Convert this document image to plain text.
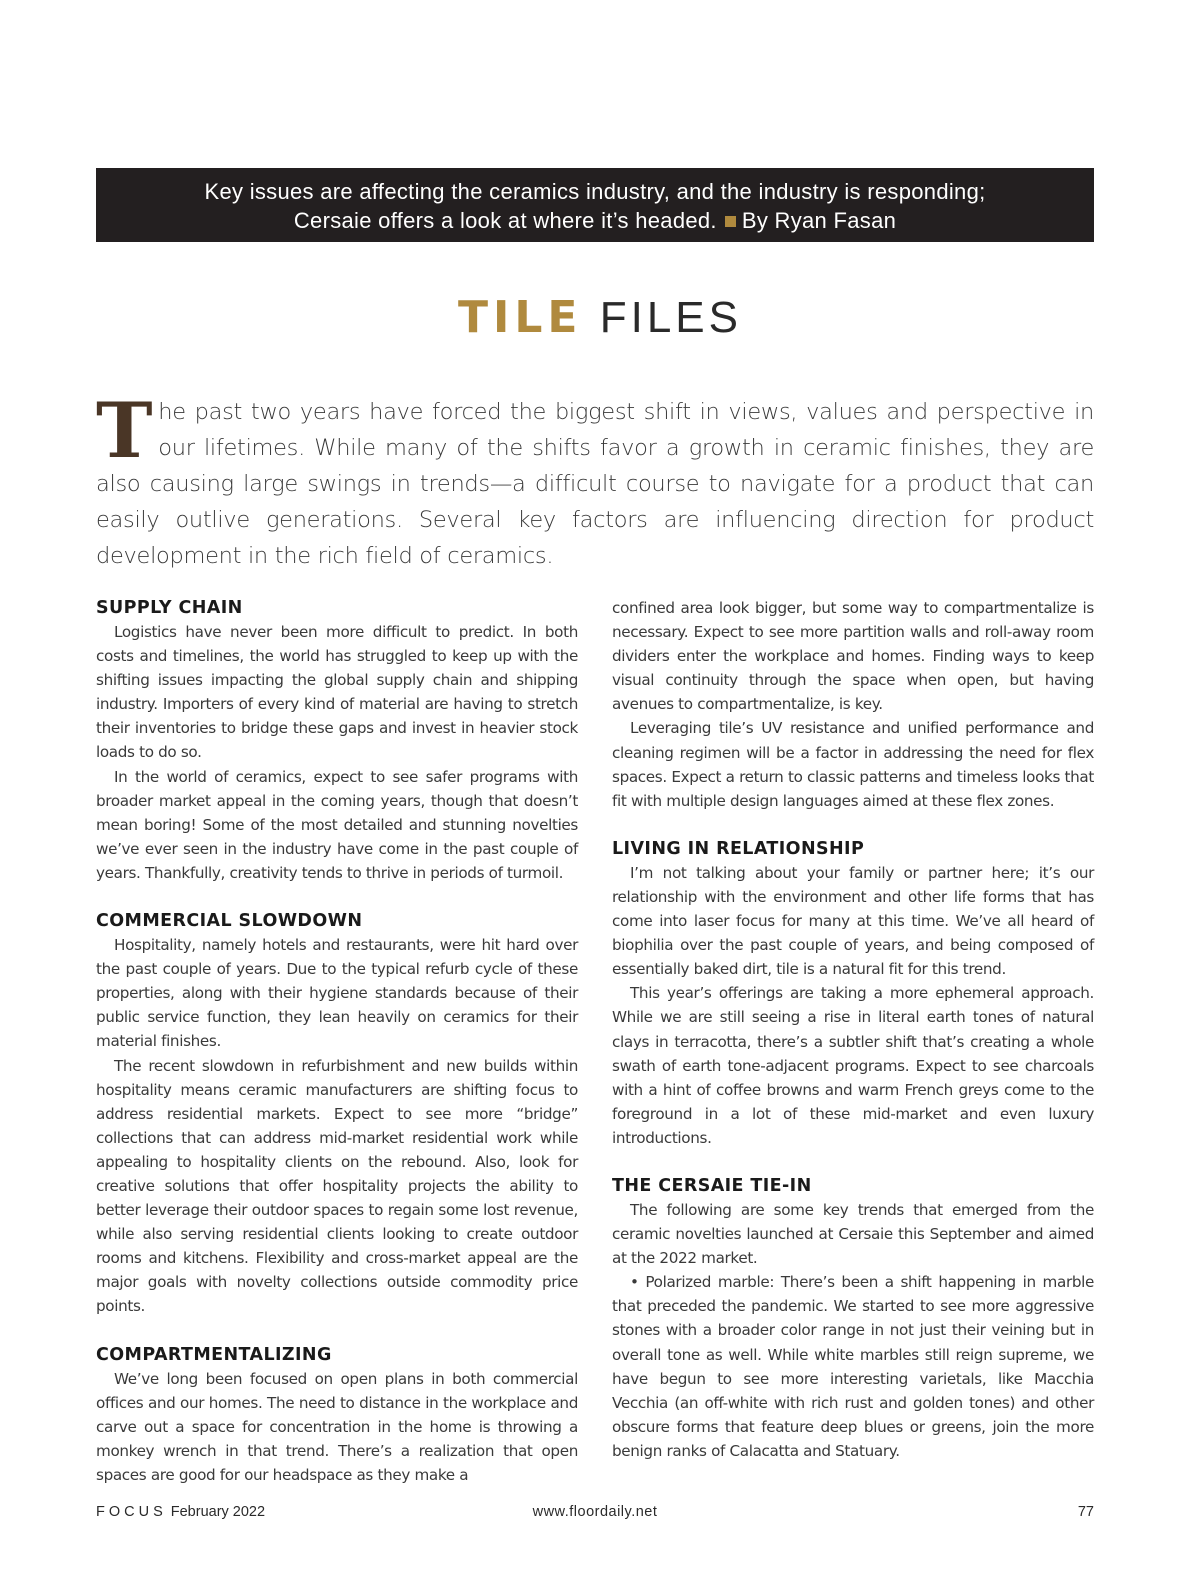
Key issues are affecting the ceramics industry, and the industry is responding;
Cersaie offers a look at where it’s headed. By Ryan Fasan
TILE FILES
The past two years have forced the biggest shift in views, values and perspective in our lifetimes. While many of the shifts favor a growth in ceramic finishes, they are also causing large swings in trends—a difficult course to navigate for a product that can easily outlive generations. Several key factors are influencing direction for product development in the rich field of ceramics.
SUPPLY CHAIN

Logistics have never been more difficult to predict. In both costs and timelines, the world has struggled to keep up with the shifting issues impacting the global supply chain and shipping industry. Importers of every kind of material are having to stretch their inventories to bridge these gaps and invest in heavier stock loads to do so.

In the world of ceramics, expect to see safer programs with broader market appeal in the coming years, though that doesn’t mean boring! Some of the most detailed and stunning novelties we’ve ever seen in the industry have come in the past couple of years. Thankfully, creativity tends to thrive in periods of turmoil.

COMMERCIAL SLOWDOWN

Hospitality, namely hotels and restaurants, were hit hard over the past couple of years. Due to the typical refurb cycle of these properties, along with their hygiene standards because of their public service function, they lean heavily on ceramics for their material finishes.

The recent slowdown in refurbishment and new builds within hospitality means ceramic manufacturers are shifting focus to address residential markets. Expect to see more “bridge” collections that can address mid-market residential work while appealing to hospitality clients on the rebound. Also, look for creative solutions that offer hospitality projects the ability to better leverage their outdoor spaces to regain some lost revenue, while also serving residential clients looking to create outdoor rooms and kitchens. Flexibility and cross-market appeal are the major goals with novelty collections outside commodity price points.

COMPARTMENTALIZING

We’ve long been focused on open plans in both commercial offices and our homes. The need to distance in the workplace and carve out a space for concentration in the home is throwing a monkey wrench in that trend. There’s a realization that open spaces are good for our headspace as they make a

confined area look bigger, but some way to compartmentalize is necessary. Expect to see more partition walls and roll-away room dividers enter the workplace and homes. Finding ways to keep visual continuity through the space when open, but having avenues to compartmentalize, is key.

Leveraging tile’s UV resistance and unified performance and cleaning regimen will be a factor in addressing the need for flex spaces. Expect a return to classic patterns and timeless looks that fit with multiple design languages aimed at these flex zones.

LIVING IN RELATIONSHIP

I’m not talking about your family or partner here; it’s our relationship with the environment and other life forms that has come into laser focus for many at this time. We’ve all heard of biophilia over the past couple of years, and being composed of essentially baked dirt, tile is a natural fit for this trend.

This year’s offerings are taking a more ephemeral approach. While we are still seeing a rise in literal earth tones of natural clays in terracotta, there’s a subtler shift that’s creating a whole swath of earth tone-adjacent programs. Expect to see charcoals with a hint of coffee browns and warm French greys come to the foreground in a lot of these mid-market and even luxury introductions.

THE CERSAIE TIE-IN

The following are some key trends that emerged from the ceramic novelties launched at Cersaie this September and aimed at the 2022 market.

• Polarized marble: There’s been a shift happening in marble that preceded the pandemic. We started to see more aggressive stones with a broader color range in not just their veining but in overall tone as well. While white marbles still reign supreme, we have begun to see more interesting varietals, like Macchia Vecchia (an off-white with rich rust and golden tones) and other obscure forms that feature deep blues or greens, join the more benign ranks of Calacatta and Statuary.

FOCUS February 2022	www.floordaily.net	77
